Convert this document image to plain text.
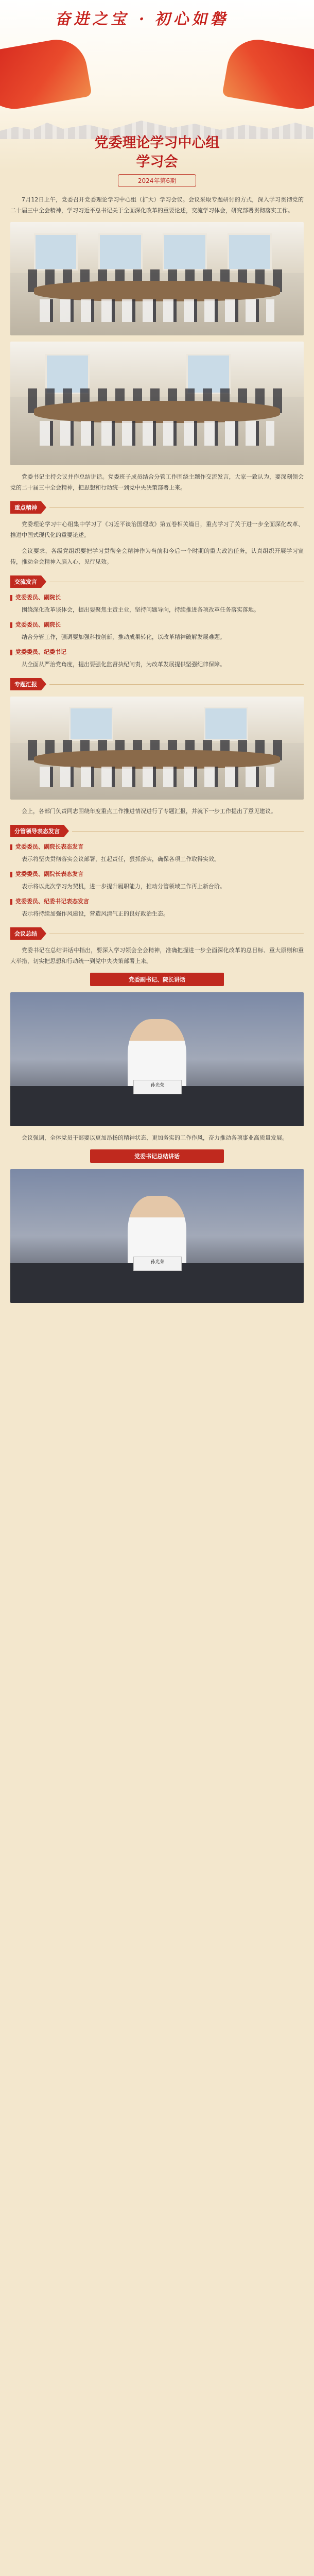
奋进之宝 · 初心如磐
党委理论学习中心组
学习会
2024年第6期

7月12日上午，党委召开党委理论学习中心组（扩大）学习会议。会议采取专题研讨的方式，深入学习贯彻党的二十届三中全会精神，学习习近平总书记关于全面深化改革的重要论述，交流学习体会，研究部署贯彻落实工作。

党委书记主持会议并作总结讲话。党委班子成员结合分管工作围绕主题作交流发言，大家一致认为，要深刻领会党的二十届三中全会精神，把思想和行动统一到党中央决策部署上来。

重点精神

党委理论学习中心组集中学习了《习近平谈治国理政》第五卷相关篇目，重点学习了关于进一步全面深化改革、推进中国式现代化的重要论述。

会议要求，各级党组织要把学习贯彻全会精神作为当前和今后一个时期的重大政治任务，认真组织开展学习宣传，推动全会精神入脑入心、见行见效。

交流发言
党委委员、副院长

围绕深化改革谈体会，提出要聚焦主责主业，坚持问题导向，持续推进各项改革任务落实落地。

党委委员、副院长

结合分管工作，强调要加强科技创新，推动成果转化，以改革精神破解发展难题。

党委委员、纪委书记

从全面从严治党角度，提出要强化监督执纪问责，为改革发展提供坚强纪律保障。

专题汇报

会上，各部门负责同志围绕年度重点工作推进情况进行了专题汇报，并就下一步工作提出了意见建议。

分管领导表态发言
党委委员、副院长表态发言

表示将坚决贯彻落实会议部署，扛起责任，狠抓落实，确保各项工作取得实效。

党委委员、副院长表态发言

表示将以此次学习为契机，进一步提升履职能力，推动分管领域工作再上新台阶。

党委委员、纪委书记表态发言

表示将持续加强作风建设，营造风清气正的良好政治生态。

会议总结

党委书记在总结讲话中指出，要深入学习领会全会精神，准确把握进一步全面深化改革的总目标、重大原则和重大举措，切实把思想和行动统一到党中央决策部署上来。

党委副书记、院长讲话
孙光荣

会议强调，全体党员干部要以更加昂扬的精神状态、更加务实的工作作风，奋力推动各项事业高质量发展。

党委书记总结讲话
孙光荣
